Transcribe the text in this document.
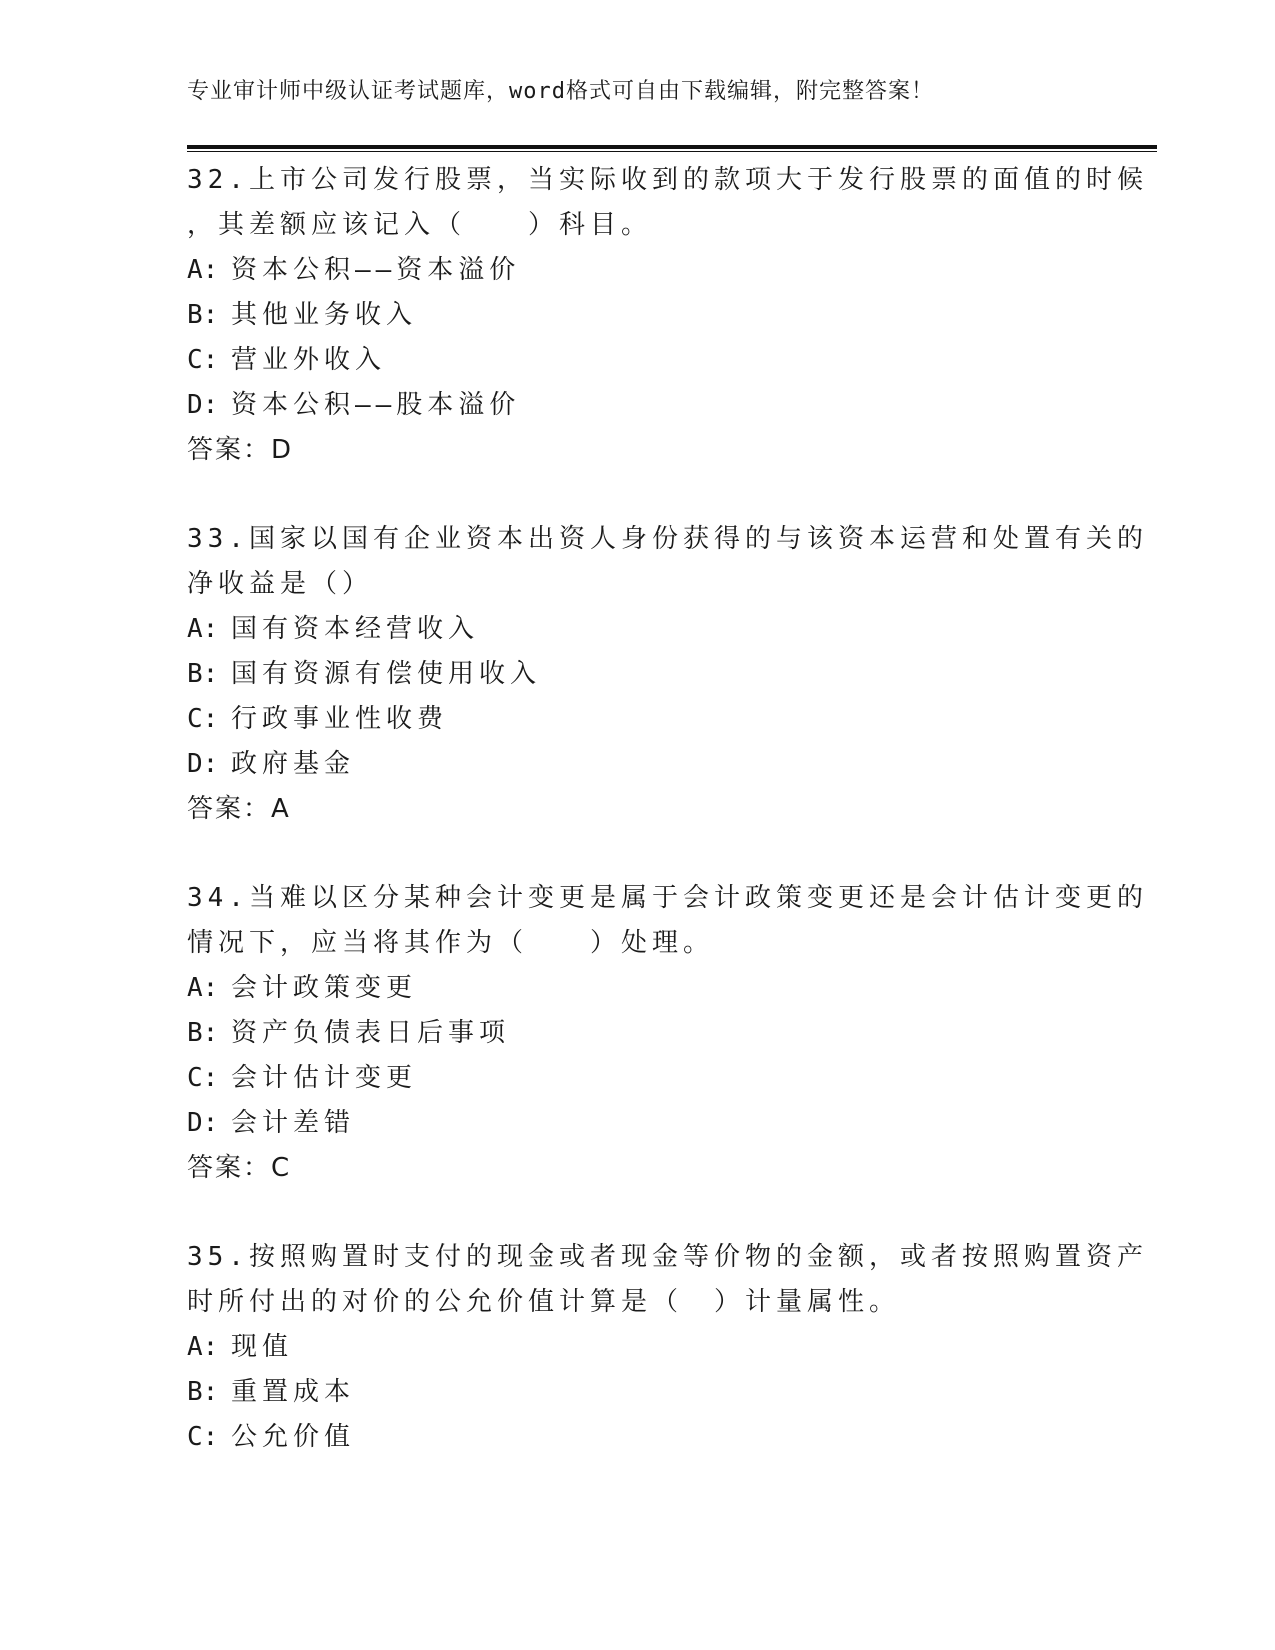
专业审计师中级认证考试题库，word格式可自由下载编辑，附完整答案！

32.上市公司发行股票，当实际收到的款项大于发行股票的面值的时候
，其差额应该记入（　　）科目。

A: 资本公积——资本溢价
B: 其他业务收入
C: 营业外收入
D: 资本公积——股本溢价
答案：D

33.国家以国有企业资本出资人身份获得的与该资本运营和处置有关的
净收益是（）

A: 国有资本经营收入
B: 国有资源有偿使用收入
C: 行政事业性收费
D: 政府基金
答案：A

34.当难以区分某种会计变更是属于会计政策变更还是会计估计变更的
情况下，应当将其作为（　　）处理。

A: 会计政策变更
B: 资产负债表日后事项
C: 会计估计变更
D: 会计差错
答案：C

35.按照购置时支付的现金或者现金等价物的金额，或者按照购置资产
时所付出的对价的公允价值计算是（　）计量属性。

A: 现值
B: 重置成本
C: 公允价值
